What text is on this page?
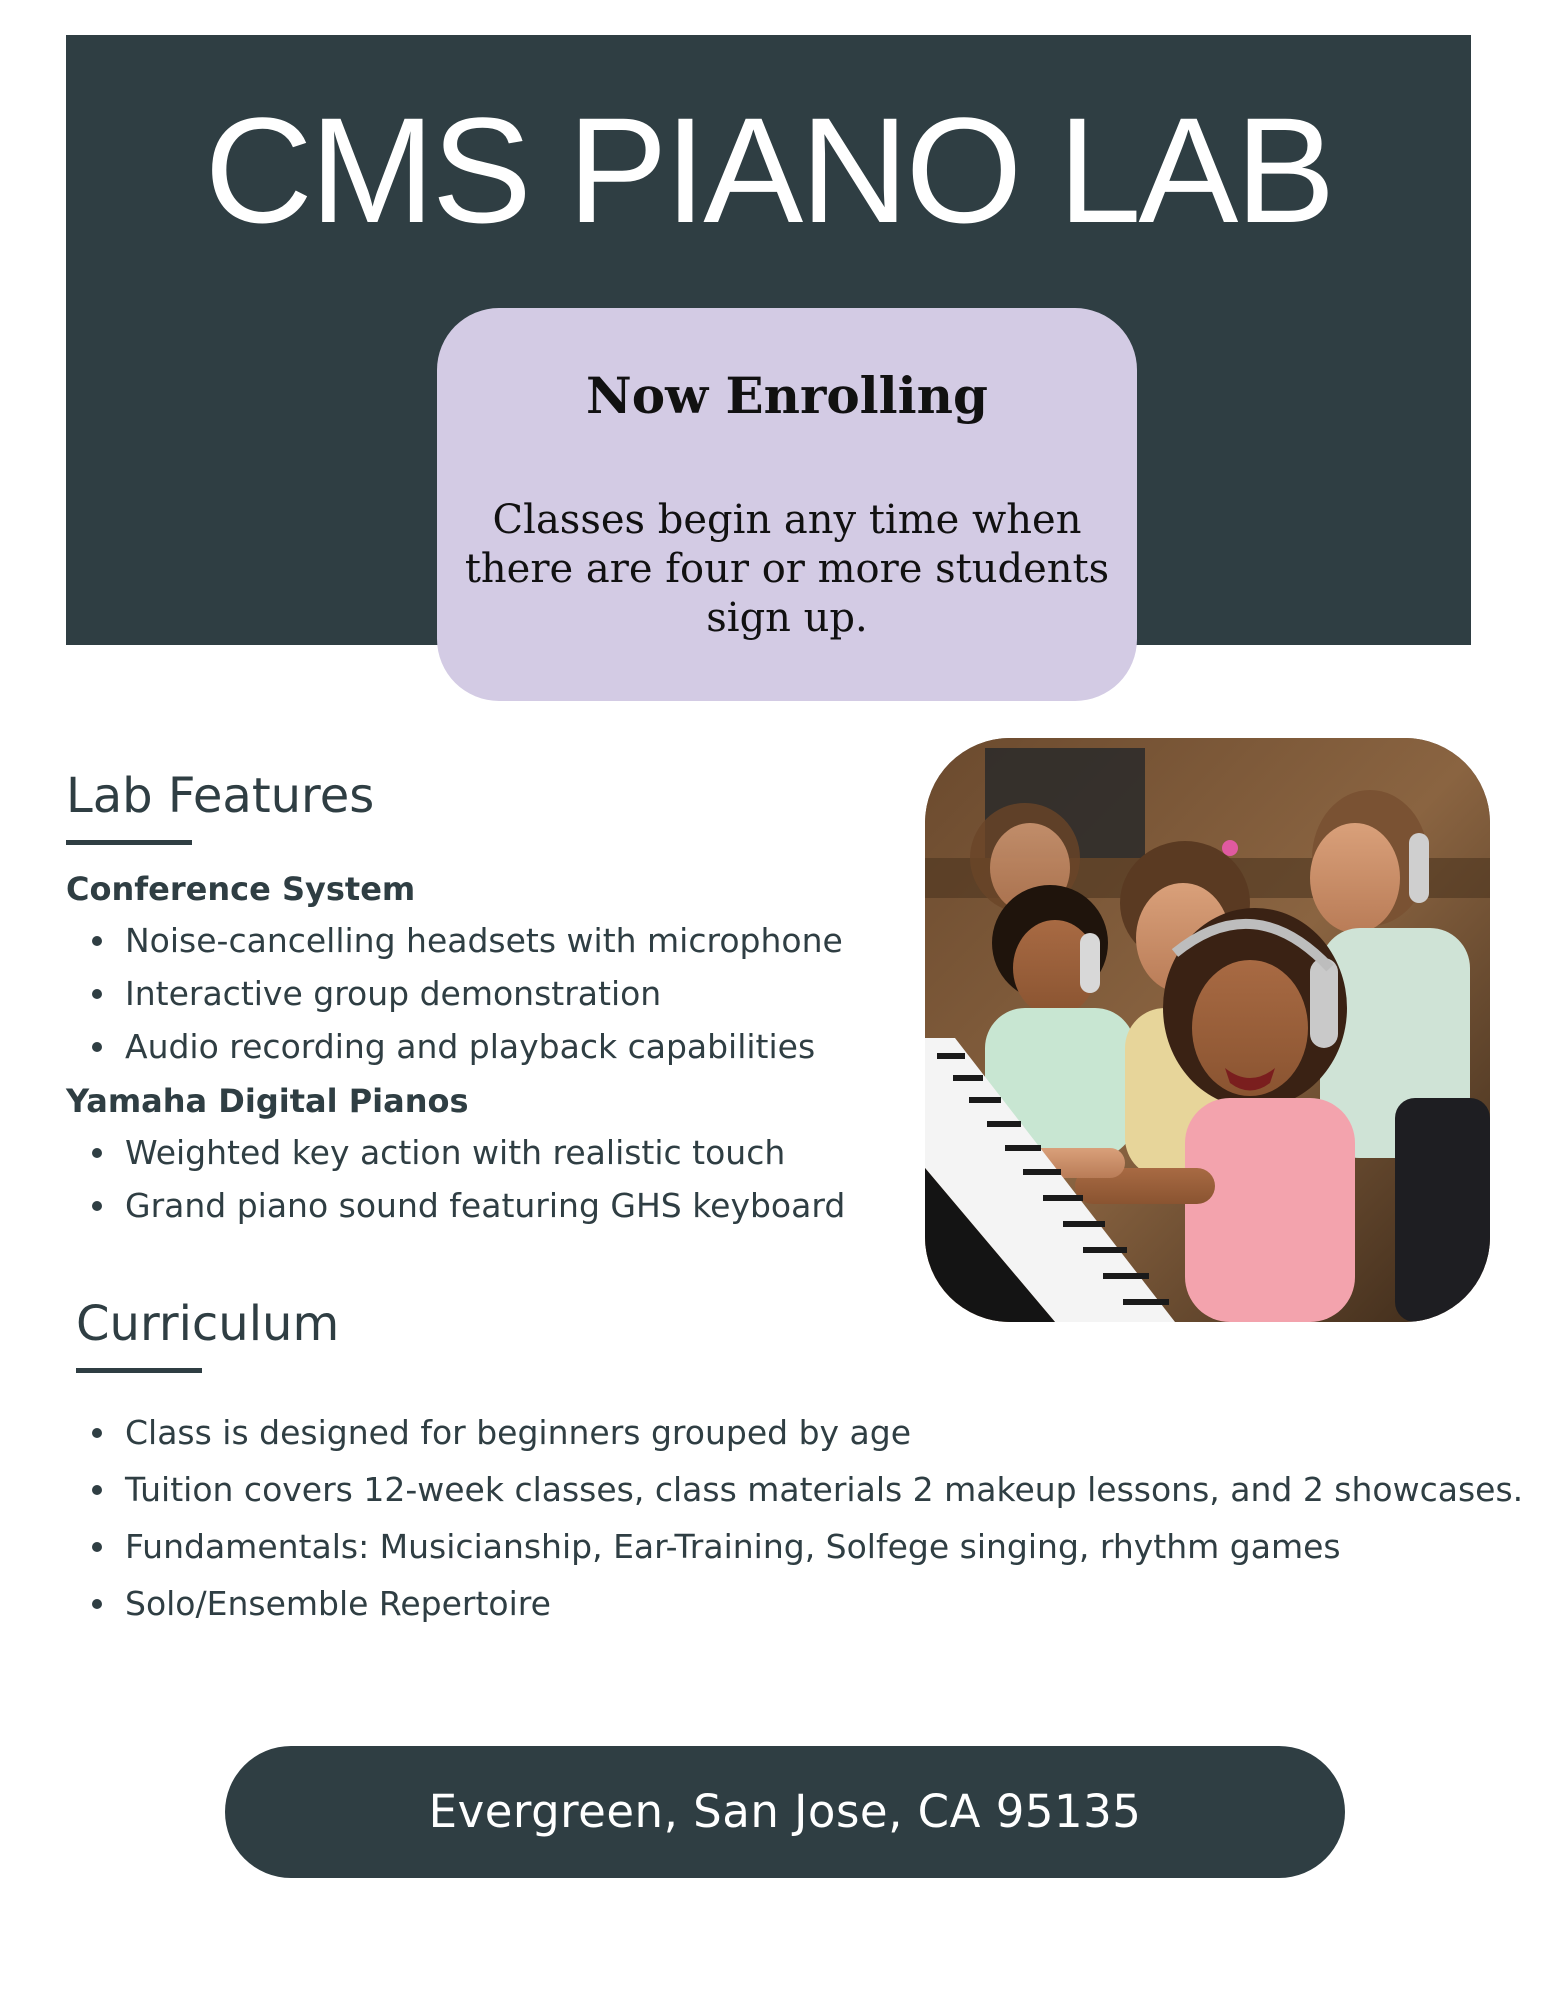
CMS PIANO LAB
Now Enrolling

Classes begin any time when there are four or more students sign up.

Lab Features
Conference System
Noise-cancelling headsets with microphone
Interactive group demonstration
Audio recording and playback capabilities
Yamaha Digital Pianos
Weighted key action with realistic touch
Grand piano sound featuring GHS keyboard
Curriculum
Class is designed for beginners grouped by age
Tuition covers 12-week classes, class materials 2 makeup lessons, and 2 showcases.
Fundamentals: Musicianship, Ear-Training, Solfege singing, rhythm games
Solo/Ensemble Repertoire
Evergreen, San Jose, CA 95135
